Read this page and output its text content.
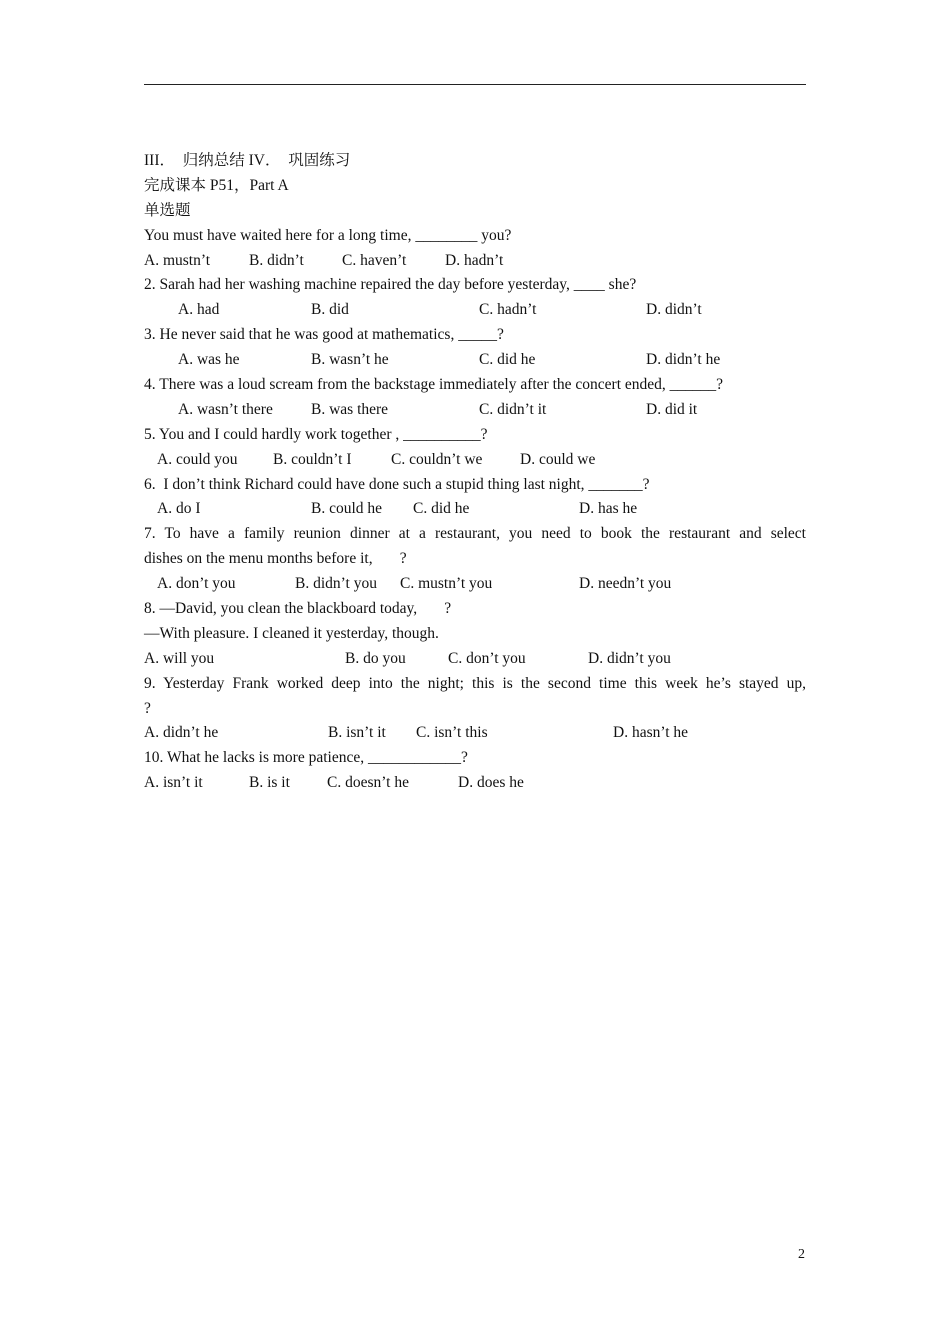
III．  归纳总结 IV．  巩固练习
完成课本 P51，Part A
单选题
You must have waited here for a long time, ________ you?

A. mustn’t

	B. didn’t

C. haven’t

D. hadn’t

2. Sarah had her washing machine repaired the day before yesterday, ____ she?

A. had

	B. did

	C. hadn’t

	D. didn’t

3. He never said that he was good at mathematics, _____?

A. was he

	B. wasn’t he

	C. did he

	D. didn’t he

4. There was a loud scream from the backstage immediately after the concert ended, ______?

A. wasn’t there

B. was there

	C. didn’t it

	D. did it

5. You and I could hardly work together , __________?

A. could you

B. couldn’t I

	C. couldn’t we

D. could we

6.  I don’t think Richard could have done such a stupid thing last night, _______?

A. do I

	B. could he

C. did he

	D. has he

7. To have a family reunion dinner at a restaurant, you need to book the restaurant and select
dishes on the menu months before it,       ?

A. don’t you

	B. didn’t you

C. mustn’t you

	D. needn’t you

8. —David, you clean the blackboard today,       ?
—With pleasure. I cleaned it yesterday, though.

A. will you

	B. do you

	C. don’t you

	D. didn’t you

9. Yesterday Frank worked deep into the night; this is the second time this week he’s stayed up,
?

A. didn’t he

	B. isn’t it

C. isn’t this

	D. hasn’t he

10. What he lacks is more patience, ____________?

A. isn’t it

	B. is it

C. doesn’t he

	D. does he

2
